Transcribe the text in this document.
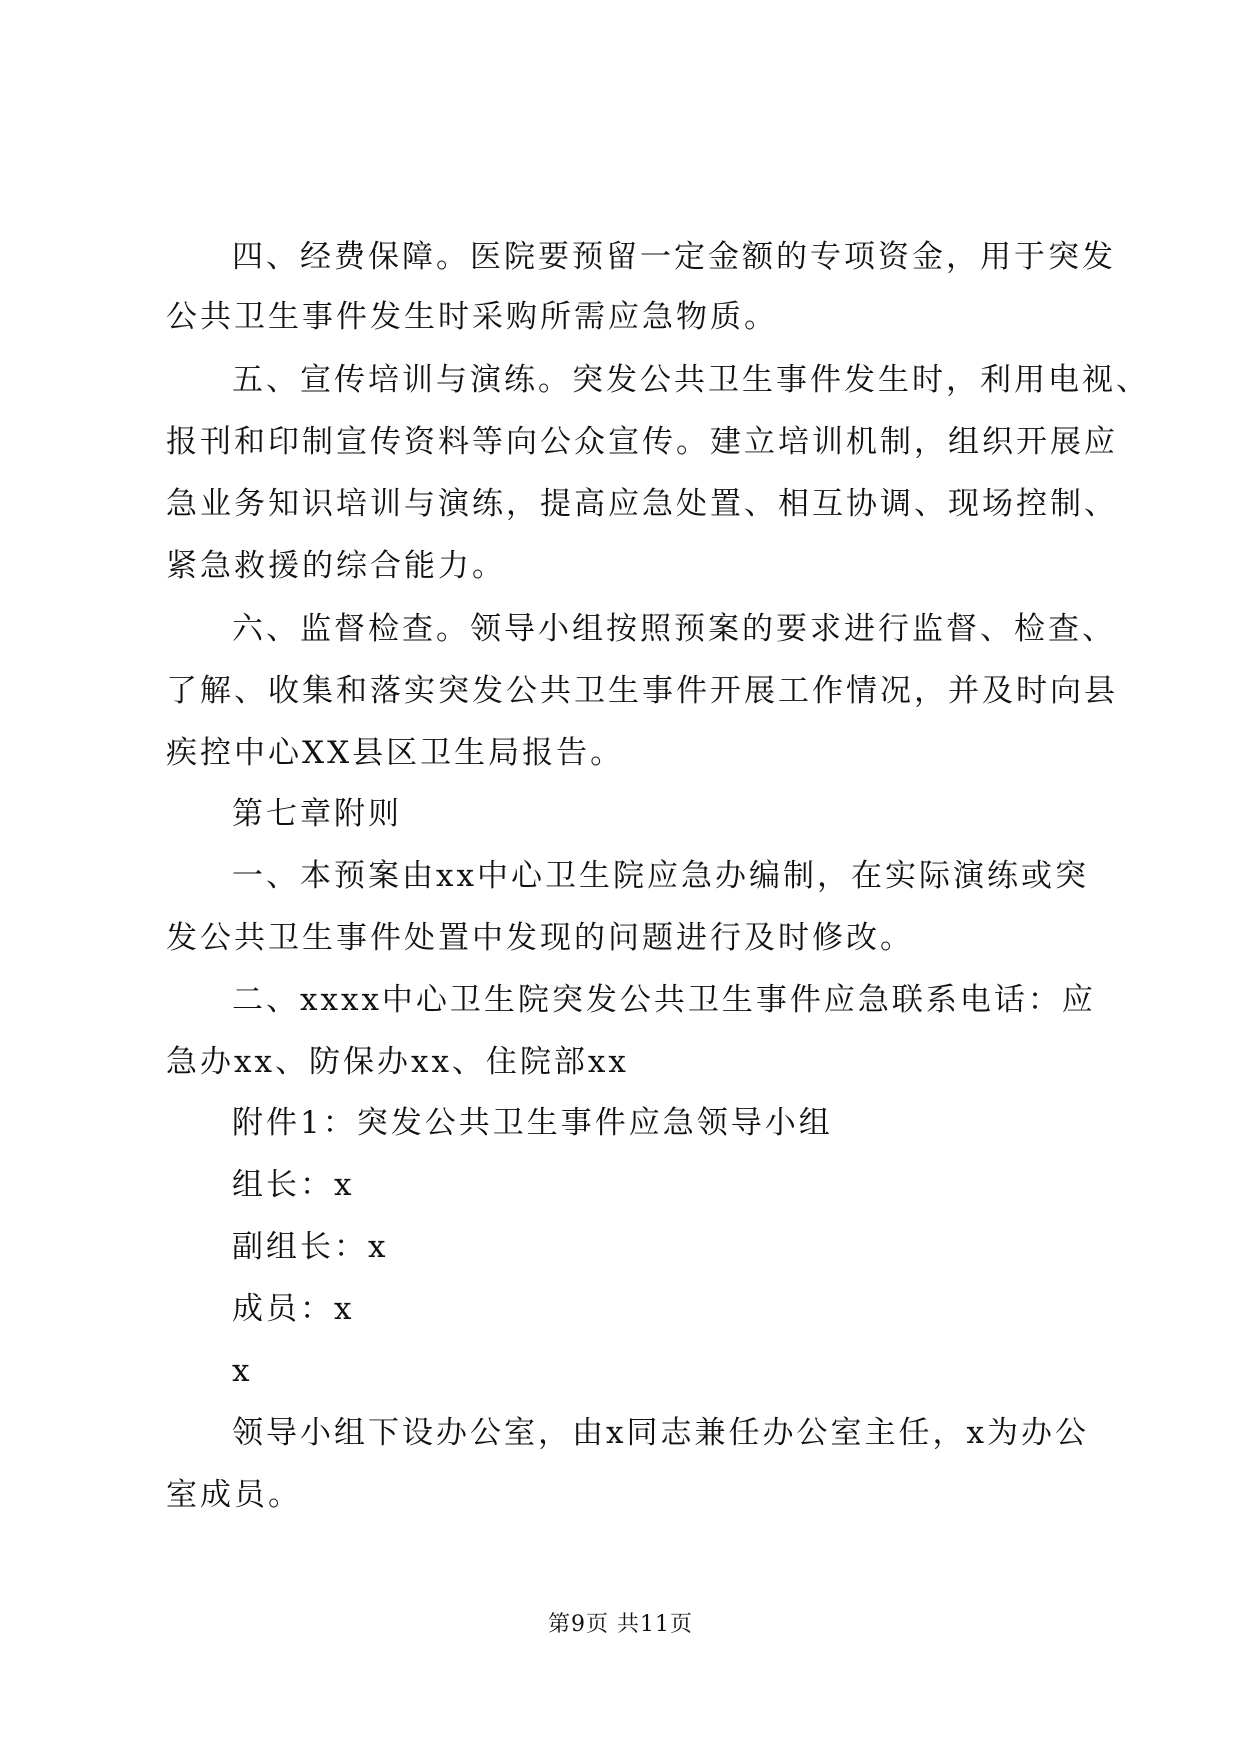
四、经费保障。医院要预留一定金额的专项资金，用于突发
公共卫生事件发生时采购所需应急物质。
五、宣传培训与演练。突发公共卫生事件发生时，利用电视、
报刊和印制宣传资料等向公众宣传。建立培训机制，组织开展应
急业务知识培训与演练，提高应急处置、相互协调、现场控制、
紧急救援的综合能力。
六、监督检查。领导小组按照预案的要求进行监督、检查、
了解、收集和落实突发公共卫生事件开展工作情况，并及时向县
疾控中心XX县区卫生局报告。
第七章附则
一、本预案由xx中心卫生院应急办编制，在实际演练或突
发公共卫生事件处置中发现的问题进行及时修改。
二、xxxx中心卫生院突发公共卫生事件应急联系电话：应
急办xx、防保办xx、住院部xx
附件1：突发公共卫生事件应急领导小组
组长：x
副组长：x
成员：x
x
领导小组下设办公室，由x同志兼任办公室主任，x为办公
室成员。
第9页 共11页
